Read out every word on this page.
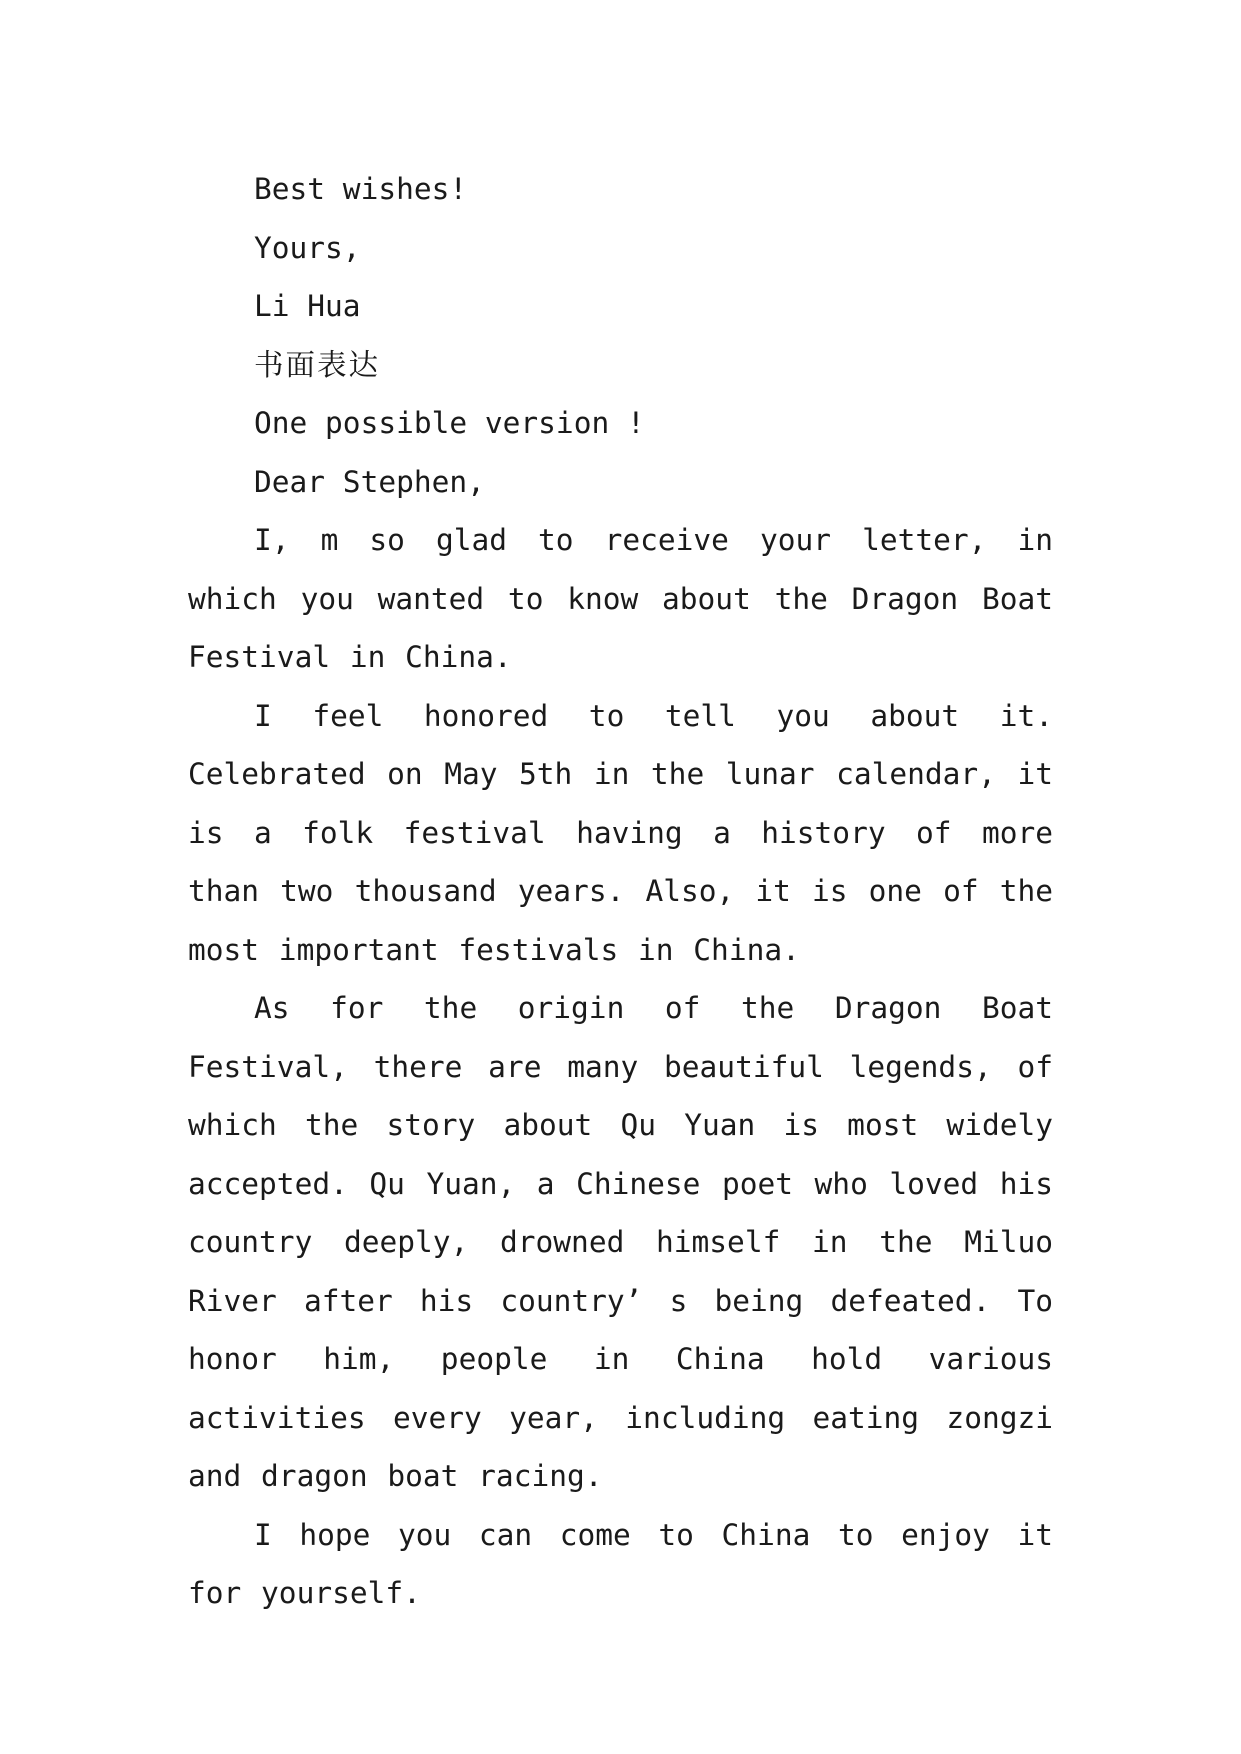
Best wishes!

Yours,

Li Hua

书面表达

One possible version !

Dear Stephen,

I, m so glad to receive your letter, in which you wanted to know about the Dragon Boat Festival in China.

I feel honored to tell you about it. Celebrated on May 5th in the lunar calendar, it is a folk festival having a history of more than two thousand years. Also, it is one of the most important festivals in China.

As for the origin of the Dragon Boat Festival, there are many beautiful legends, of which the story about Qu Yuan is most widely accepted. Qu Yuan, a Chinese poet who loved his country deeply, drowned himself in the Miluo River after his country’ s being defeated. To honor him, people in China hold various activities every year, including eating zongzi and dragon boat racing.

I hope you can come to China to enjoy it for yourself.
